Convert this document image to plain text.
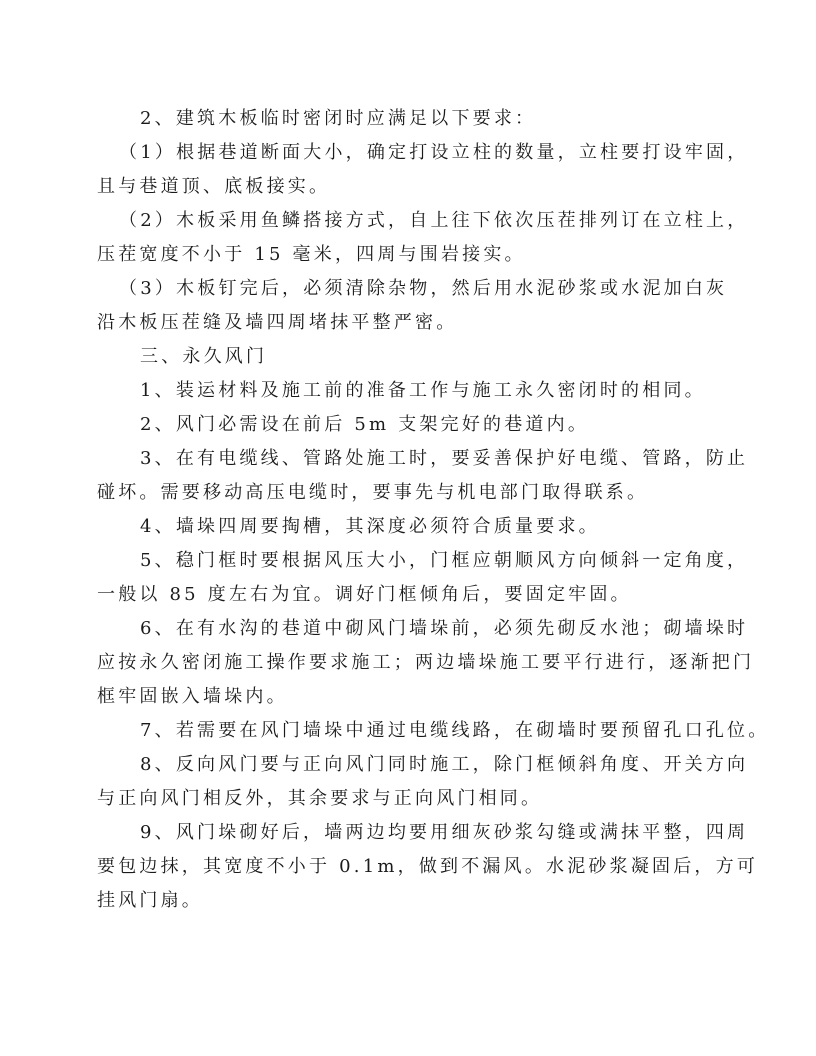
2、建筑木板临时密闭时应满足以下要求：
（1）根据巷道断面大小，确定打设立柱的数量，立柱要打设牢固，
且与巷道顶、底板接实。
（2）木板采用鱼鳞搭接方式，自上往下依次压茬排列订在立柱上，
压茬宽度不小于 15 毫米，四周与围岩接实。
（3）木板钉完后，必须清除杂物，然后用水泥砂浆或水泥加白灰
沿木板压茬缝及墙四周堵抹平整严密。
三、永久风门
1、装运材料及施工前的准备工作与施工永久密闭时的相同。
2、风门必需设在前后 5m 支架完好的巷道内。
3、在有电缆线、管路处施工时，要妥善保护好电缆、管路，防止
碰坏。需要移动高压电缆时，要事先与机电部门取得联系。
4、墙垛四周要掏槽，其深度必须符合质量要求。
5、稳门框时要根据风压大小，门框应朝顺风方向倾斜一定角度，
一般以 85 度左右为宜。调好门框倾角后，要固定牢固。
6、在有水沟的巷道中砌风门墙垛前，必须先砌反水池；砌墙垛时
应按永久密闭施工操作要求施工；两边墙垛施工要平行进行，逐渐把门
框牢固嵌入墙垛内。
7、若需要在风门墙垛中通过电缆线路，在砌墙时要预留孔口孔位。
8、反向风门要与正向风门同时施工，除门框倾斜角度、开关方向
与正向风门相反外，其余要求与正向风门相同。
9、风门垛砌好后，墙两边均要用细灰砂浆勾缝或满抹平整，四周
要包边抹，其宽度不小于 0.1m，做到不漏风。水泥砂浆凝固后，方可
挂风门扇。
